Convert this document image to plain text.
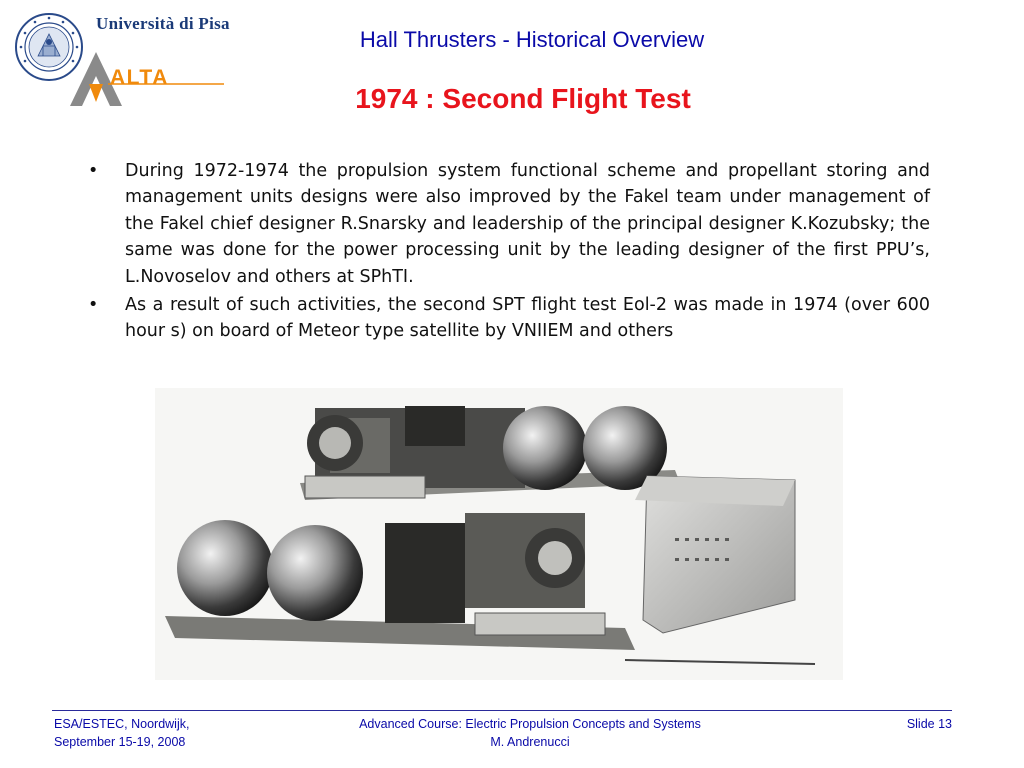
Università di Pisa
ALTA
Hall Thrusters - Historical Overview
1974 : Second Flight Test
• During 1972-1974 the propulsion system functional scheme and propellant storing and management units designs were also improved by the Fakel team under management of the Fakel chief designer R.Snarsky and leadership of the principal designer K.Kozubsky; the same was done for the power processing unit by the leading designer of the first PPU’s, L.Novoselov and others at SPhTI.
• As a result of such activities, the second SPT flight test Eol-2 was made in 1974 (over 600 hour s) on board of Meteor type satellite by VNIIEM and others
ESA/ESTEC, Noordwijk,
September 15-19, 2008
Advanced Course: Electric Propulsion Concepts and Systems
M. Andrenucci
Slide 13
